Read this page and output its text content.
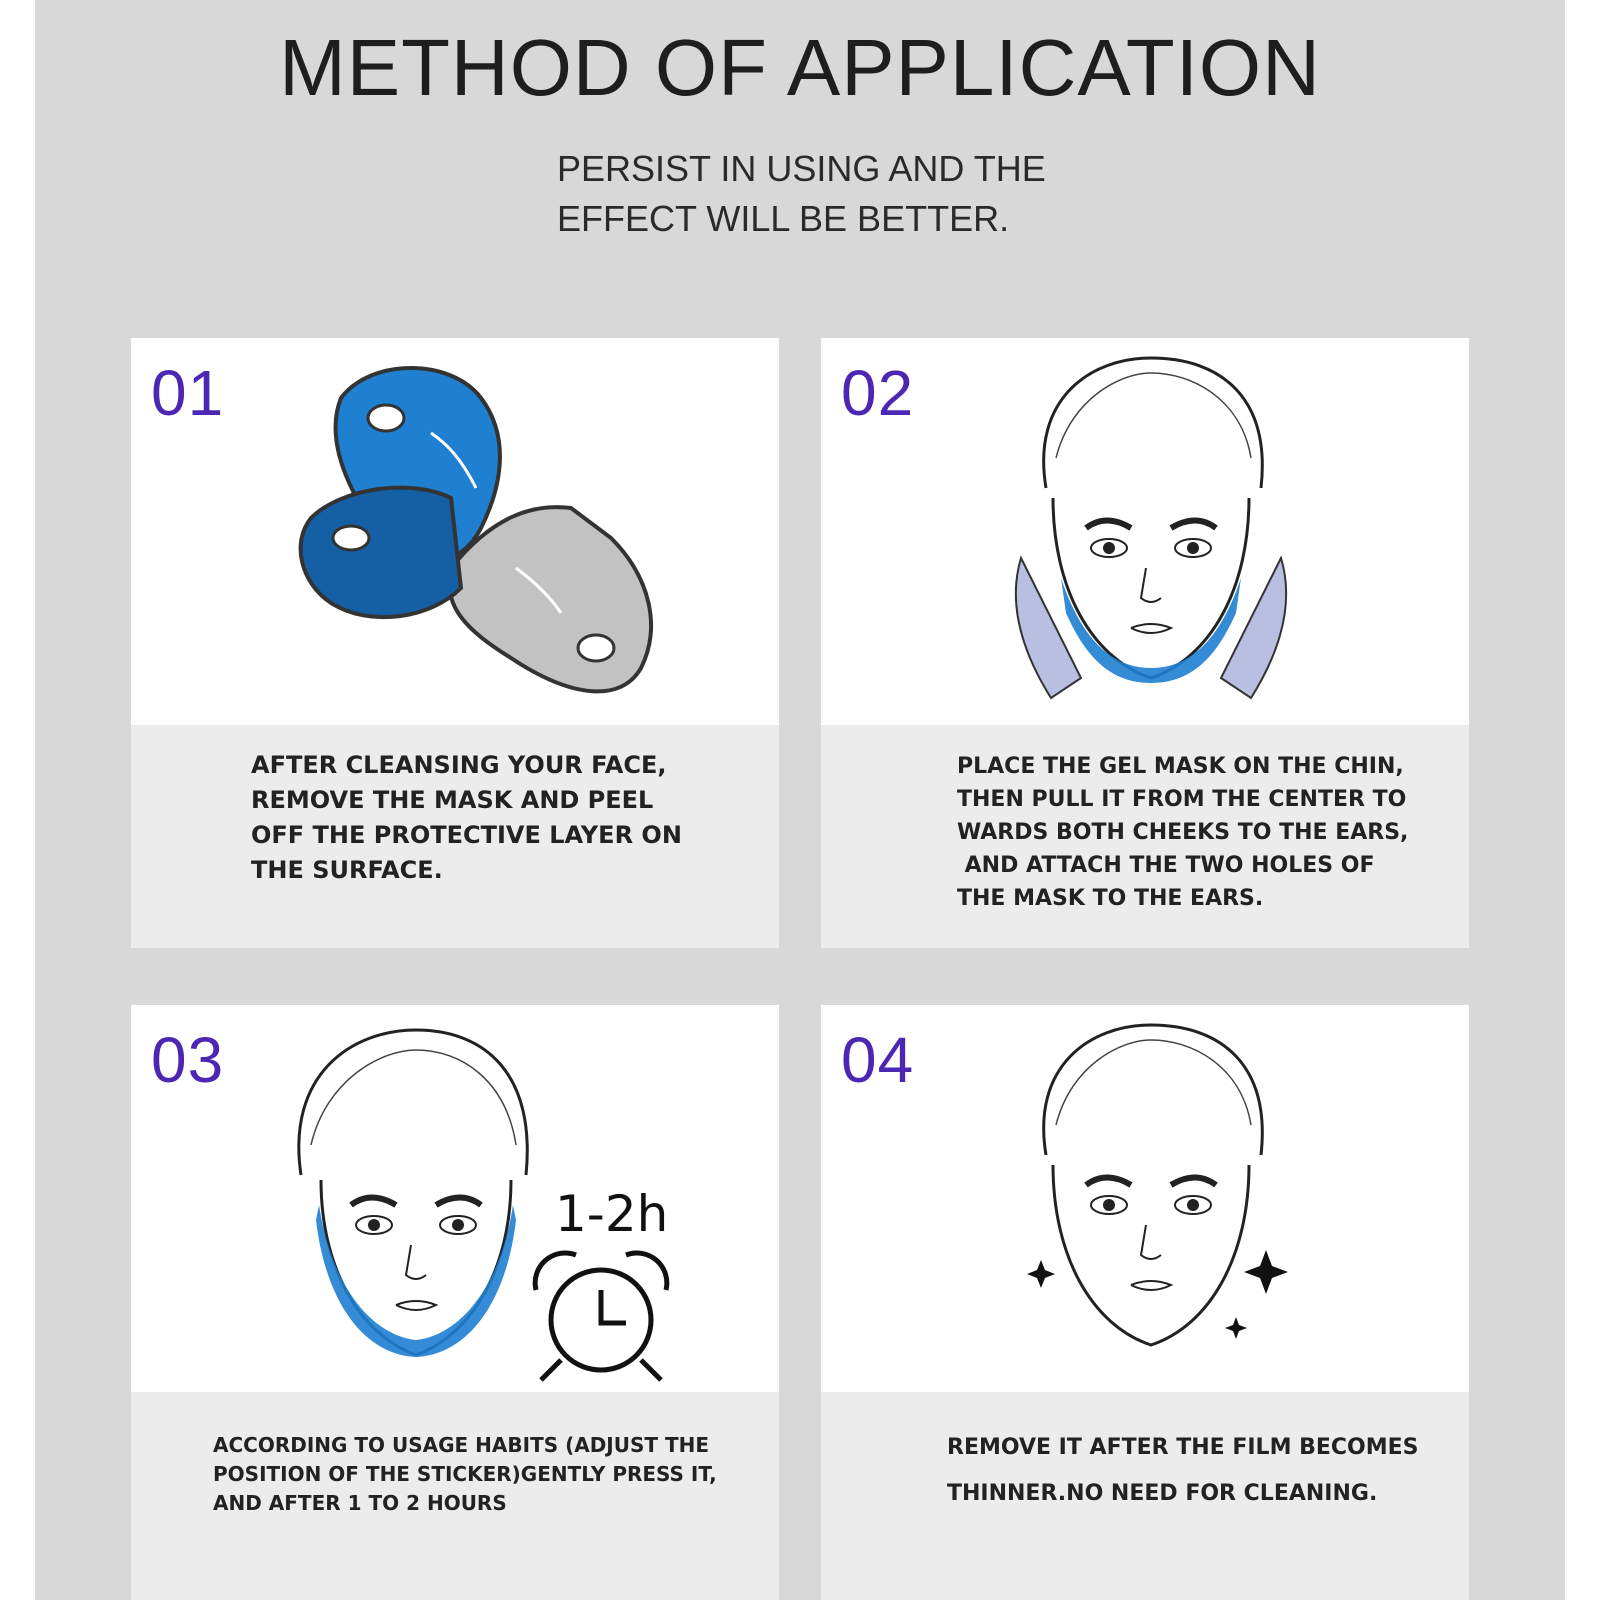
METHOD OF APPLICATION

PERSIST IN USING AND THE
EFFECT WILL BE BETTER.

01

AFTER CLEANSING YOUR FACE,
REMOVE THE MASK AND PEEL
OFF THE PROTECTIVE LAYER ON
THE SURFACE.

02

PLACE THE GEL MASK ON THE CHIN,
THEN PULL IT FROM THE CENTER TO
WARDS BOTH CHEEKS TO THE EARS,
AND ATTACH THE TWO HOLES OF
THE MASK TO THE EARS.

1-2h
03

ACCORDING TO USAGE HABITS (ADJUST THE
POSITION OF THE STICKER)GENTLY PRESS IT,
AND AFTER 1 TO 2 HOURS

04

REMOVE IT AFTER THE FILM BECOMES
THINNER.NO NEED FOR CLEANING.
